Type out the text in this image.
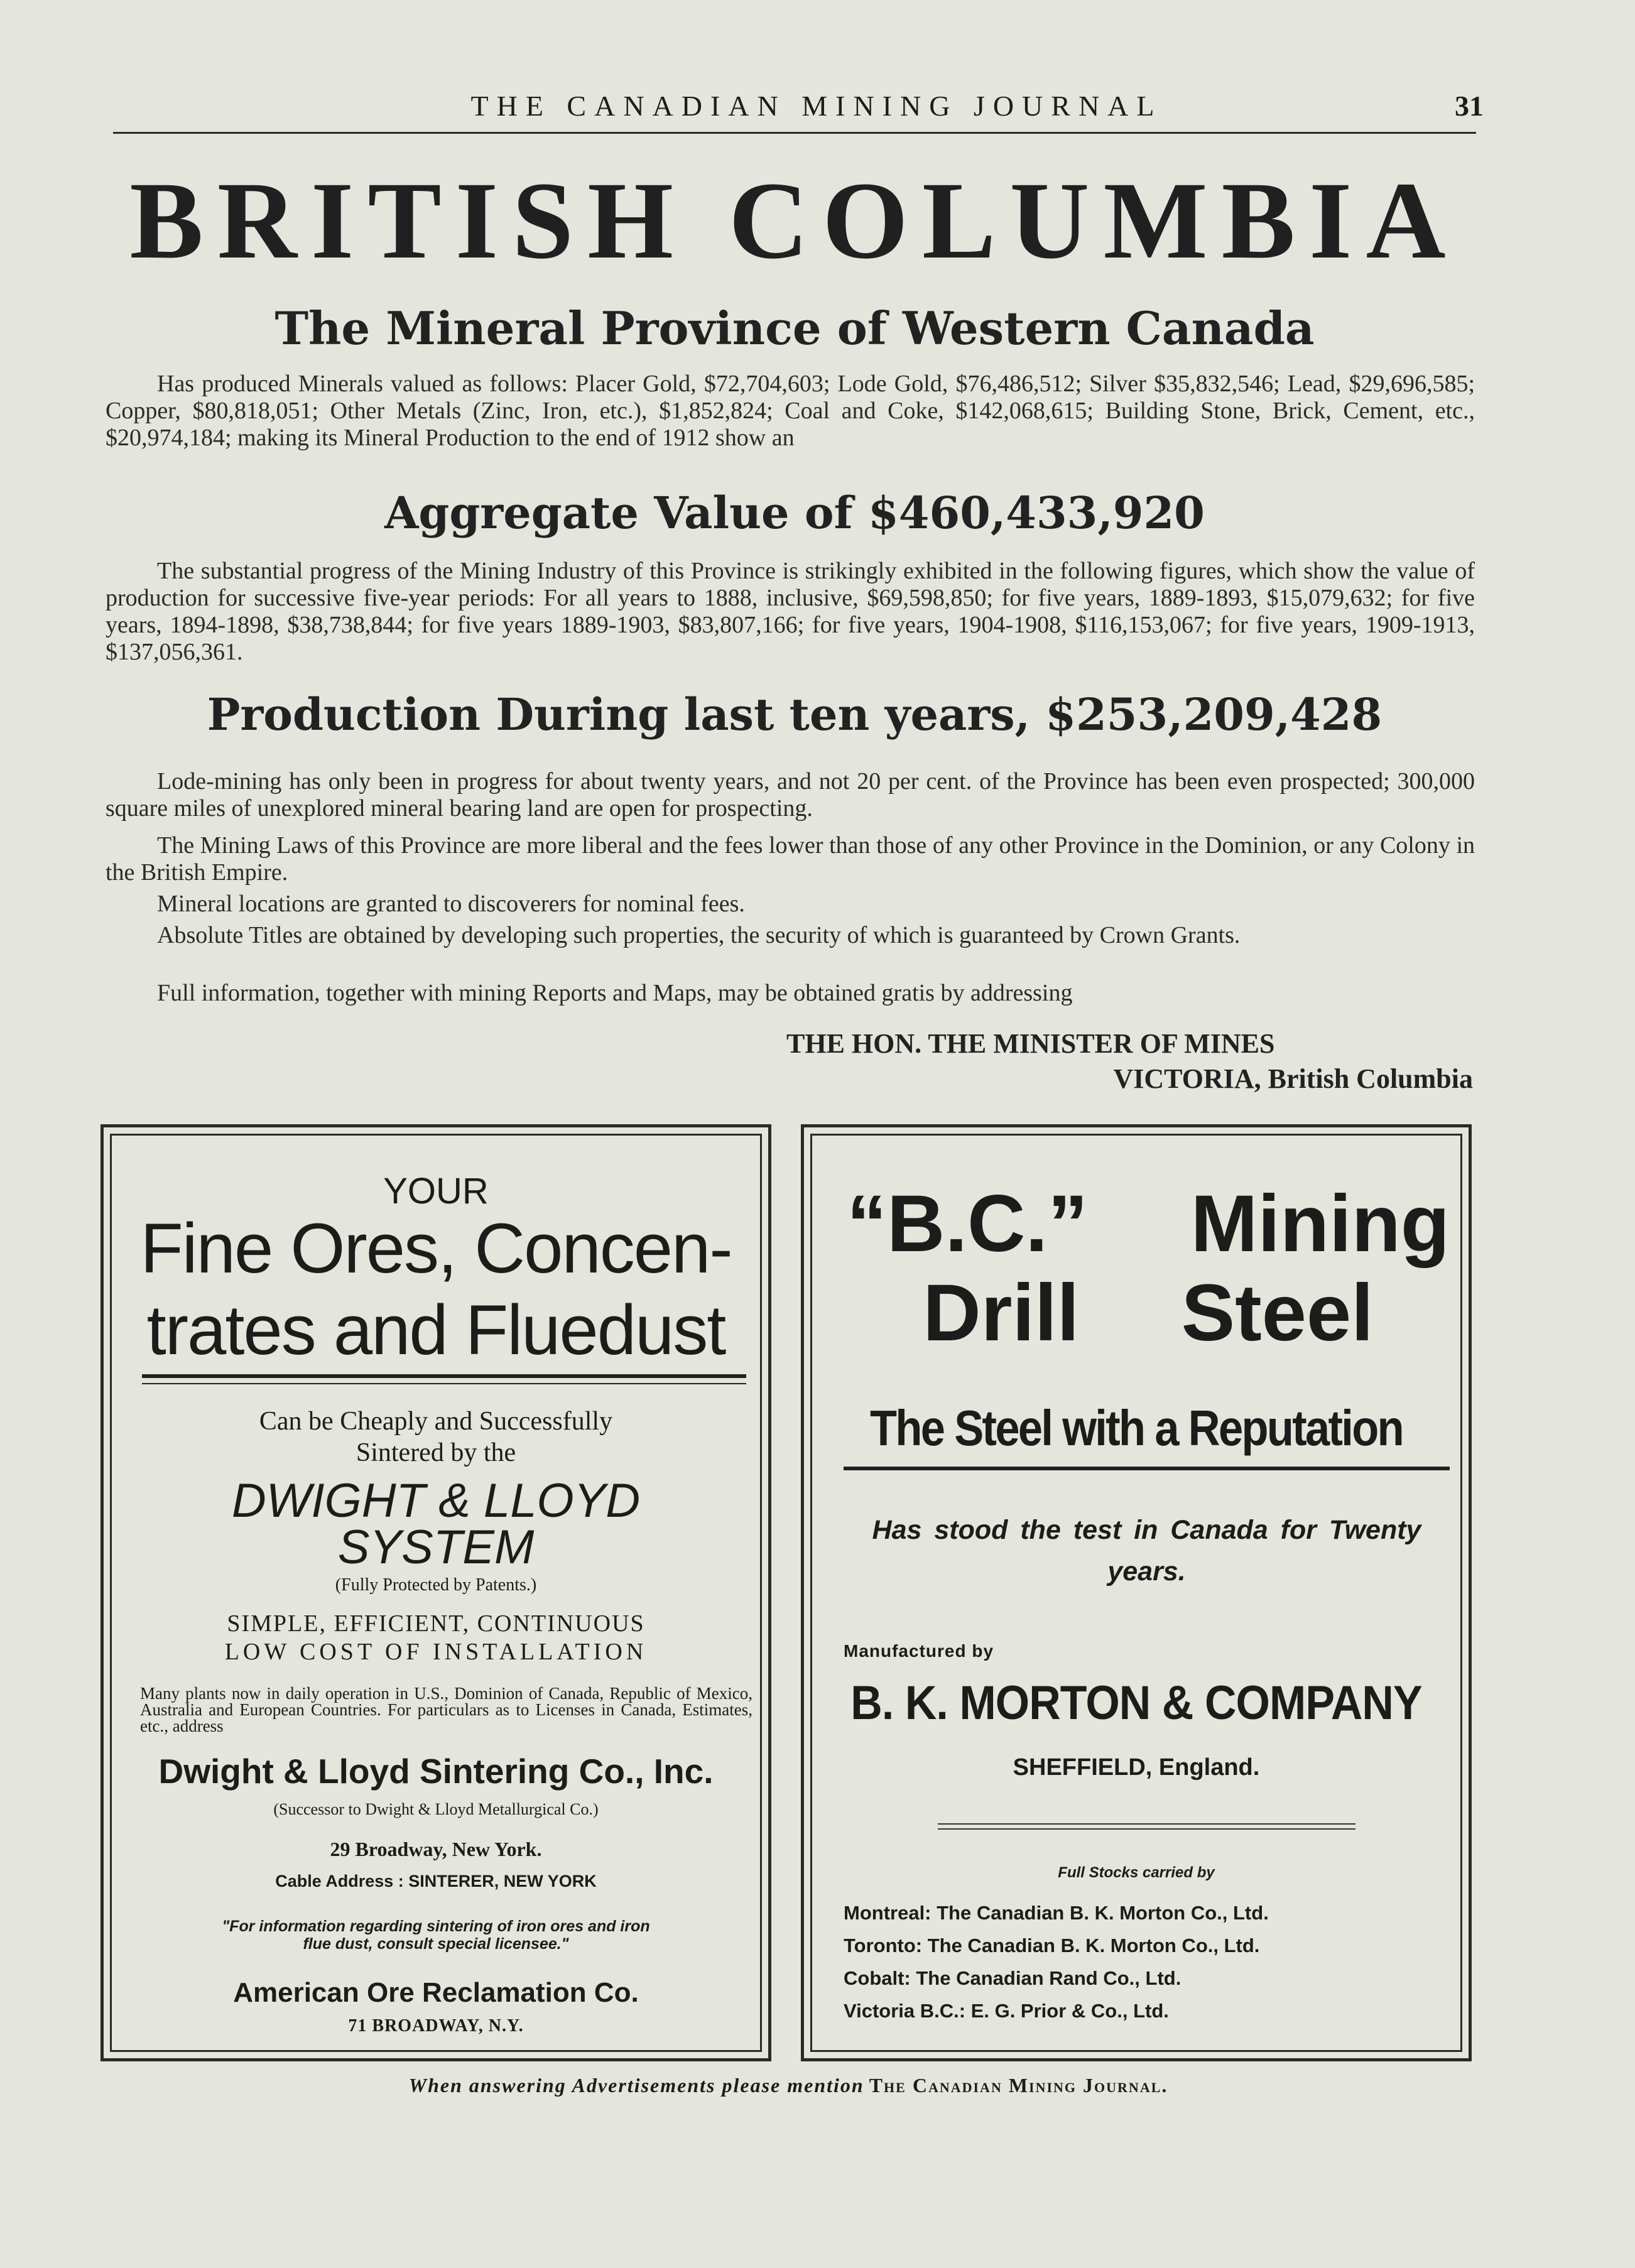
THE CANADIAN MINING JOURNAL	31
BRITISH COLUMBIA
The Mineral Province of Western Canada
Has produced Minerals valued as follows: Placer Gold, $72,704,603; Lode Gold, $76,486,512; Silver $35,832,546; Lead, $29,696,585; Copper, $80,818,051; Other Metals (Zinc, Iron, etc.), $1,852,824; Coal and Coke, $142,068,615; Building Stone, Brick, Cement, etc., $20,974,184; making its Mineral Production to the end of 1912 show an
Aggregate Value of $460,433,920
The substantial progress of the Mining Industry of this Province is strikingly exhibited in the following figures, which show the value of production for successive five-year periods: For all years to 1888, inclusive, $69,598,850; for five years, 1889-1893, $15,079,632; for five years, 1894-1898, $38,738,844; for five years 1889-1903, $83,807,166; for five years, 1904-1908, $116,153,067; for five years, 1909-1913, $137,056,361.
Production During last ten years, $253,209,428
Lode-mining has only been in progress for about twenty years, and not 20 per cent. of the Province has been even prospected; 300,000 square miles of unexplored mineral bearing land are open for prospecting.
The Mining Laws of this Province are more liberal and the fees lower than those of any other Province in the Dominion, or any Colony in the British Empire.
Mineral locations are granted to discoverers for nominal fees.
Absolute Titles are obtained by developing such properties, the security of which is guaranteed by Crown Grants.
Full information, together with mining Reports and Maps, may be obtained gratis by addressing
THE HON. THE MINISTER OF MINES
VICTORIA, British Columbia
YOUR
Fine Ores, Concen-
trates and Fluedust
Can be Cheaply and Successfully
Sintered by the
DWIGHT & LLOYD
SYSTEM
(Fully Protected by Patents.)
SIMPLE, EFFICIENT, CONTINUOUS
LOW COST OF INSTALLATION
Many plants now in daily operation in U.S., Dominion of Canada, Republic of Mexico, Australia and European Countries. For particulars as to Licenses in Canada, Estimates, etc., address
Dwight & Lloyd Sintering Co., Inc.
(Successor to Dwight & Lloyd Metallurgical Co.)
29 Broadway, New York.
Cable Address : SINTERER, NEW YORK
"For information regarding sintering of iron ores and iron
flue dust, consult special licensee."
American Ore Reclamation Co.
71 BROADWAY, N.Y.
“B.C.” Mining
Drill Steel
The Steel with a Reputation
Has stood the test in Canada for Twenty years.
Manufactured by
B. K. MORTON & COMPANY
SHEFFIELD, England.
Full Stocks carried by
Montreal: The Canadian B. K. Morton Co., Ltd.
Toronto: The Canadian B. K. Morton Co., Ltd.
Cobalt: The Canadian Rand Co., Ltd.
Victoria B.C.: E. G. Prior & Co., Ltd.
When answering Advertisements please mention The Canadian Mining Journal.
